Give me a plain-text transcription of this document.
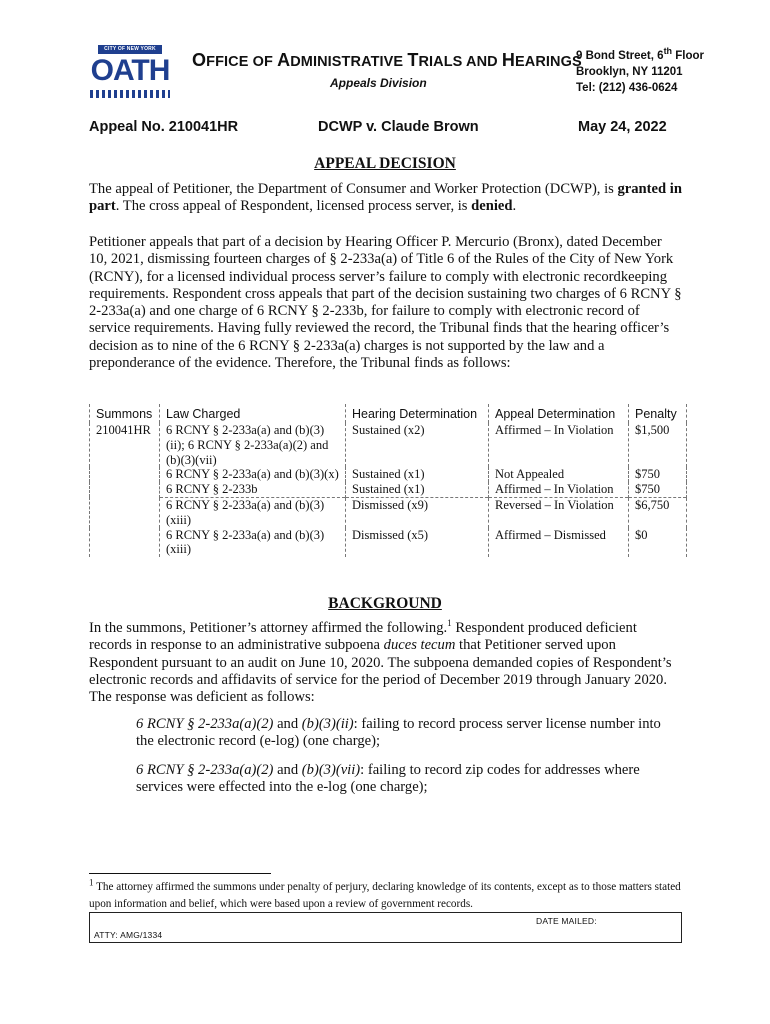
CITY OF NEW YORK
OATH OFFICE OF ADMINISTRATIVE TRIALS AND HEARINGS
Appeals Division
9 Bond Street, 6th Floor
Brooklyn, NY 11201
Tel: (212) 436-0624
Appeal No. 210041HR	DCWP v. Claude Brown	May 24, 2022
APPEAL DECISION

The appeal of Petitioner, the Department of Consumer and Worker Protection (DCWP), is granted in part. The cross appeal of Respondent, licensed process server, is denied.

Petitioner appeals that part of a decision by Hearing Officer P. Mercurio (Bronx), dated December 10, 2021, dismissing fourteen charges of § 2-233a(a) of Title 6 of the Rules of the City of New York (RCNY), for a licensed individual process server’s failure to comply with electronic recordkeeping requirements. Respondent cross appeals that part of the decision sustaining two charges of 6 RCNY § 2-233a(a) and one charge of 6 RCNY § 2-233b, for failure to comply with electronic record of service requirements. Having fully reviewed the record, the Tribunal finds that the hearing officer’s decision as to nine of the 6 RCNY § 2-233a(a) charges is not supported by the law and a preponderance of the evidence. Therefore, the Tribunal finds as follows:

Summons	Law Charged	Hearing Determination	Appeal Determination	Penalty
210041HR	6 RCNY § 2-233a(a) and (b)(3)(ii); 6 RCNY § 2-233a(a)(2) and (b)(3)(vii)	Sustained (x2)	Affirmed – In Violation	$1,500
	6 RCNY § 2-233a(a) and (b)(3)(x)	Sustained (x1)	Not Appealed	$750
	6 RCNY § 2-233b	Sustained (x1)	Affirmed – In Violation	$750
	6 RCNY § 2-233a(a) and (b)(3)(xiii)	Dismissed (x9)	Reversed – In Violation	$6,750
	6 RCNY § 2-233a(a) and (b)(3)(xiii)	Dismissed (x5)	Affirmed – Dismissed	$0
BACKGROUND

In the summons, Petitioner’s attorney affirmed the following.$^1$ Respondent produced deficient records in response to an administrative subpoena duces tecum that Petitioner served upon Respondent pursuant to an audit on June 10, 2020. The subpoena demanded copies of Respondent’s electronic records and affidavits of service for the period of December 2019 through January 2020. The response was deficient as follows:

6 RCNY § 2-233a(a)(2) and (b)(3)(ii): failing to record process server license number into the electronic record (e-log) (one charge);

6 RCNY § 2-233a(a)(2) and (b)(3)(vii): failing to record zip codes for addresses where services were effected into the e-log (one charge);

$^1$ The attorney affirmed the summons under penalty of perjury, declaring knowledge of its contents, except as to those matters stated upon information and belief, which were based upon a review of government records.

DATE MAILED:
ATTY: AMG/1334
